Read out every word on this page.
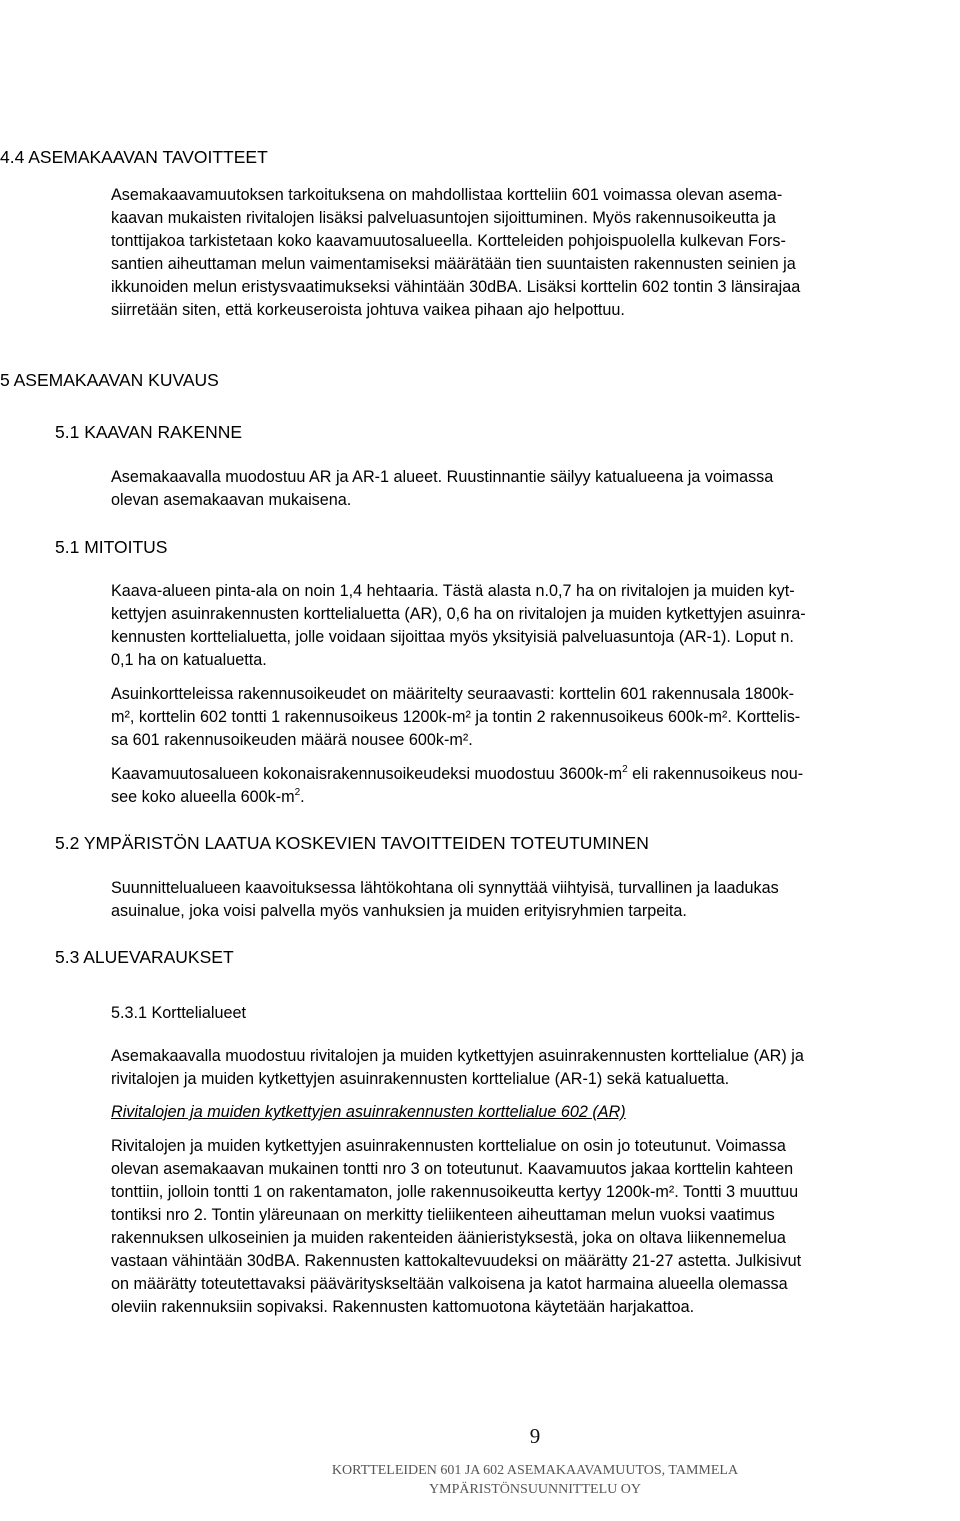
4.4 ASEMAKAAVAN TAVOITTEET
Asemakaavamuutoksen tarkoituksena on mahdollistaa kortteliin 601 voimassa olevan asema-
kaavan mukaisten rivitalojen lisäksi palveluasuntojen sijoittuminen. Myös rakennusoikeutta ja
tonttijakoa tarkistetaan koko kaavamuutosalueella. Kortteleiden pohjoispuolella kulkevan Fors-
santien aiheuttaman melun vaimentamiseksi määrätään tien suuntaisten rakennusten seinien ja
ikkunoiden melun eristysvaatimukseksi vähintään 30dBA. Lisäksi korttelin 602 tontin 3 länsirajaa
siirretään siten, että korkeuseroista johtuva vaikea pihaan ajo helpottuu.
5 ASEMAKAAVAN KUVAUS
5.1 KAAVAN RAKENNE
Asemakaavalla muodostuu AR ja AR-1 alueet. Ruustinnantie säilyy katualueena ja voimassa
olevan asemakaavan mukaisena.
5.1 MITOITUS
Kaava-alueen pinta-ala on noin 1,4 hehtaaria. Tästä alasta n.0,7 ha on rivitalojen ja muiden kyt-
kettyjen asuinrakennusten korttelialuetta (AR), 0,6 ha on rivitalojen ja muiden kytkettyjen asuinra-
kennusten korttelialuetta, jolle voidaan sijoittaa myös yksityisiä palveluasuntoja (AR-1). Loput n.
0,1 ha on katualuetta.
Asuinkortteleissa rakennusoikeudet on määritelty seuraavasti: korttelin 601 rakennusala 1800k-
m², korttelin 602 tontti 1 rakennusoikeus 1200k-m² ja tontin 2 rakennusoikeus 600k-m². Korttelis-
sa 601 rakennusoikeuden määrä nousee 600k-m².
Kaavamuutosalueen kokonaisrakennusoikeudeksi muodostuu $3600k-m^2$ eli rakennusoikeus nou-
see koko alueella $600k-m^2$.
5.2 YMPÄRISTÖN LAATUA KOSKEVIEN TAVOITTEIDEN TOTEUTUMINEN
Suunnittelualueen kaavoituksessa lähtökohtana oli synnyttää viihtyisä, turvallinen ja laadukas
asuinalue, joka voisi palvella myös vanhuksien ja muiden erityisryhmien tarpeita.
5.3 ALUEVARAUKSET
5.3.1 Korttelialueet
Asemakaavalla muodostuu rivitalojen ja muiden kytkettyjen asuinrakennusten korttelialue (AR) ja
rivitalojen ja muiden kytkettyjen asuinrakennusten korttelialue (AR-1) sekä katualuetta.
Rivitalojen ja muiden kytkettyjen asuinrakennusten korttelialue 602 (AR)
Rivitalojen ja muiden kytkettyjen asuinrakennusten korttelialue on osin jo toteutunut. Voimassa
olevan asemakaavan mukainen tontti nro 3 on toteutunut. Kaavamuutos jakaa korttelin kahteen
tonttiin, jolloin tontti 1 on rakentamaton, jolle rakennusoikeutta kertyy 1200k-m². Tontti 3 muuttuu
tontiksi nro 2. Tontin yläreunaan on merkitty tieliikenteen aiheuttaman melun vuoksi vaatimus
rakennuksen ulkoseinien ja muiden rakenteiden äänieristyksestä, joka on oltava liikennemelua
vastaan vähintään 30dBA. Rakennusten kattokaltevuudeksi on määrätty 21-27 astetta. Julkisivut
on määrätty toteutettavaksi päävärityskseltään valkoisena ja katot harmaina alueella olemassa
oleviin rakennuksiin sopivaksi. Rakennusten kattomuotona käytetään harjakattoa.
9
KORTTELEIDEN 601 JA 602 ASEMAKAAVAMUUTOS, TAMMELA
YMPÄRISTÖNSUUNNITTELU OY
